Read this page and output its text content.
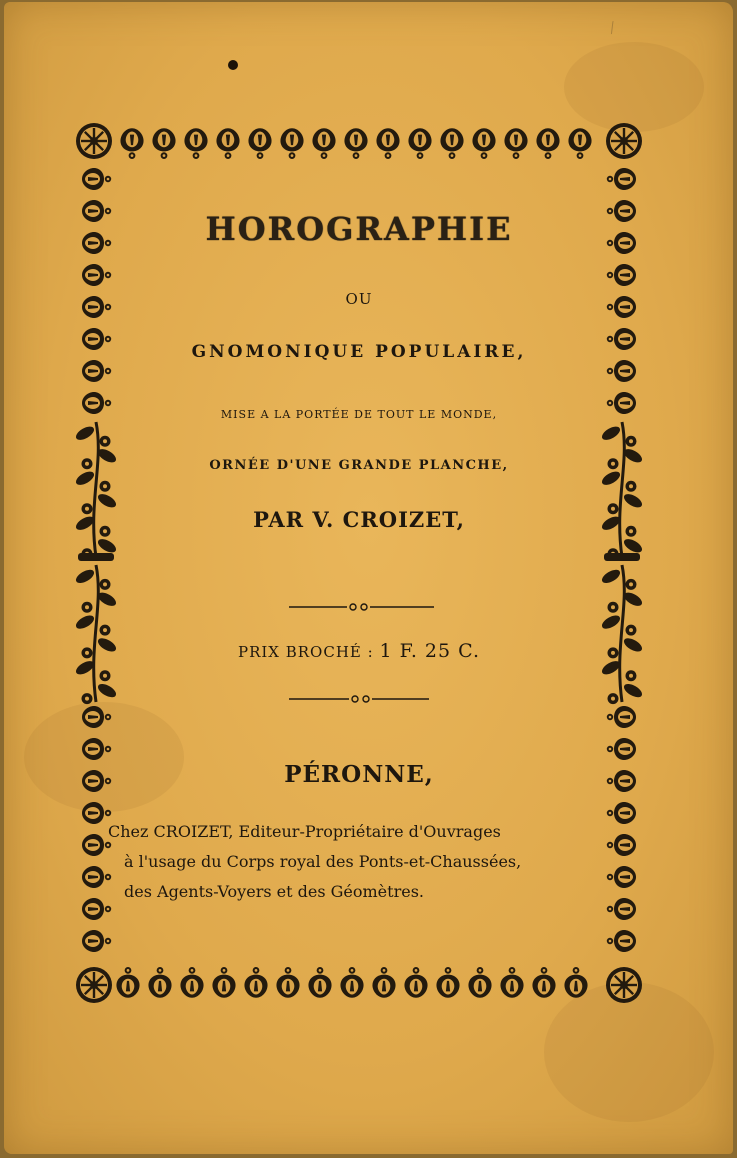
/
HOROGRAPHIE
OU
GNOMONIQUE POPULAIRE,
MISE A LA PORTÉE DE TOUT LE MONDE,
ORNÉE D'UNE GRANDE PLANCHE,
PAR V. CROIZET,
PRIX BROCHÉ : 1 F. 25 C.
PÉRONNE,
Chez CROIZET, Editeur-Propriétaire d'Ouvrages
à l'usage du Corps royal des Ponts-et-Chaussées,
des Agents-Voyers et des Géomètres.
